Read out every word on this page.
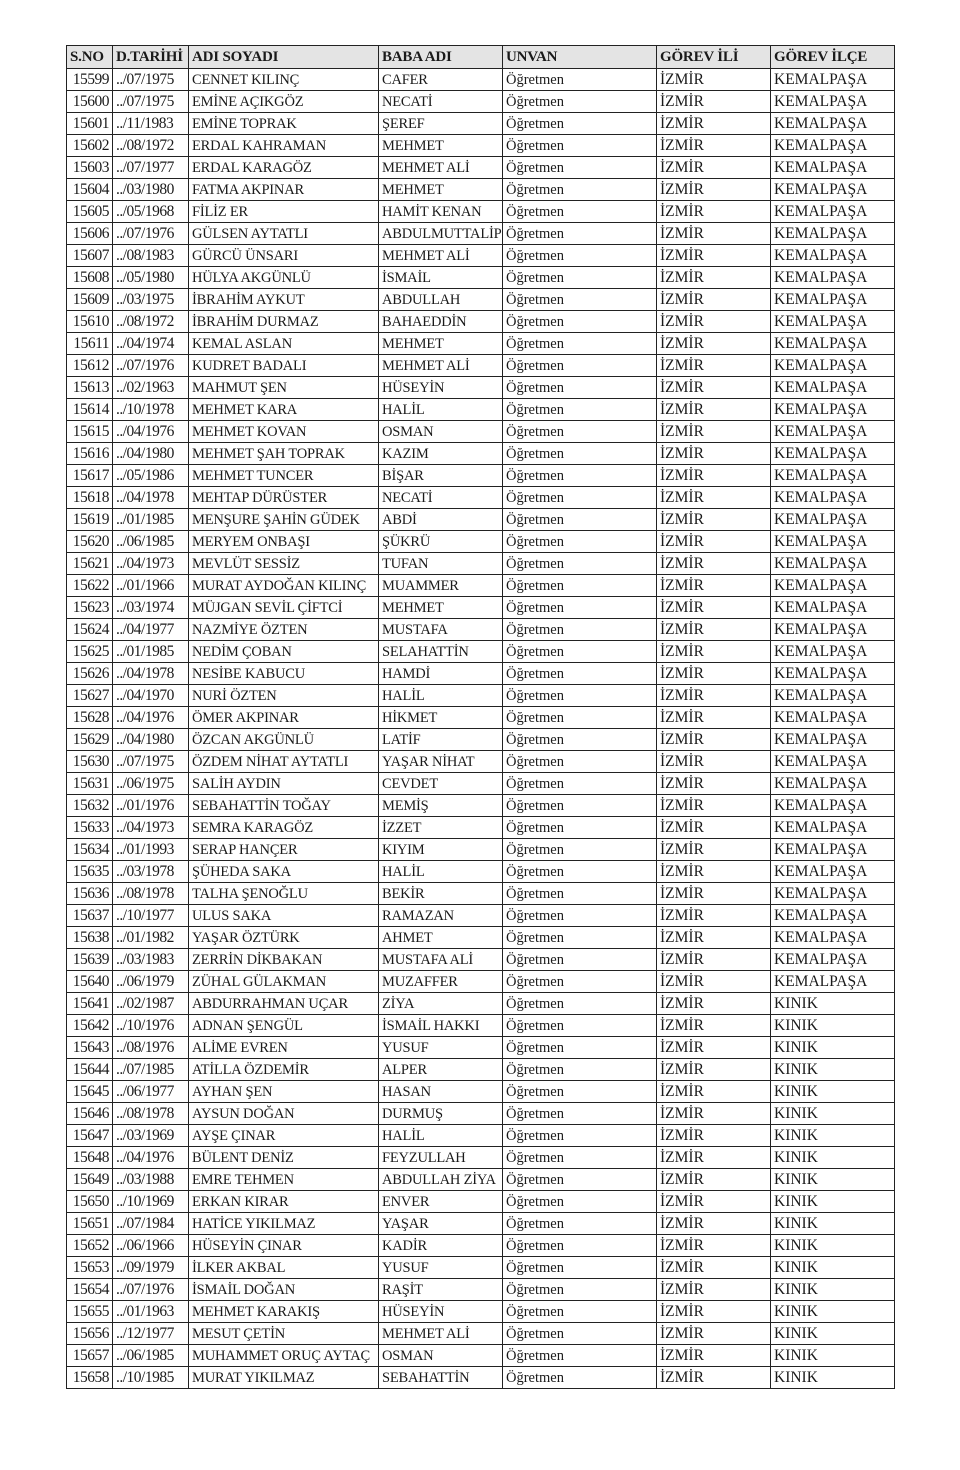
S.NO	D.TARİHİ	ADI SOYADI	BABA ADI	UNVAN	GÖREV İLİ	GÖREV İLÇE
15599	../07/1975	CENNET KILINÇ	CAFER	Öğretmen	İZMİR	KEMALPAŞA
15600	../07/1975	EMİNE AÇIKGÖZ	NECATİ	Öğretmen	İZMİR	KEMALPAŞA
15601	../11/1983	EMİNE TOPRAK	ŞEREF	Öğretmen	İZMİR	KEMALPAŞA
15602	../08/1972	ERDAL KAHRAMAN	MEHMET	Öğretmen	İZMİR	KEMALPAŞA
15603	../07/1977	ERDAL KARAGÖZ	MEHMET ALİ	Öğretmen	İZMİR	KEMALPAŞA
15604	../03/1980	FATMA AKPINAR	MEHMET	Öğretmen	İZMİR	KEMALPAŞA
15605	../05/1968	FİLİZ ER	HAMİT KENAN	Öğretmen	İZMİR	KEMALPAŞA
15606	../07/1976	GÜLSEN AYTATLI	ABDULMUTTALİP	Öğretmen	İZMİR	KEMALPAŞA
15607	../08/1983	GÜRCÜ ÜNSARI	MEHMET ALİ	Öğretmen	İZMİR	KEMALPAŞA
15608	../05/1980	HÜLYA AKGÜNLÜ	İSMAİL	Öğretmen	İZMİR	KEMALPAŞA
15609	../03/1975	İBRAHİM AYKUT	ABDULLAH	Öğretmen	İZMİR	KEMALPAŞA
15610	../08/1972	İBRAHİM DURMAZ	BAHAEDDİN	Öğretmen	İZMİR	KEMALPAŞA
15611	../04/1974	KEMAL ASLAN	MEHMET	Öğretmen	İZMİR	KEMALPAŞA
15612	../07/1976	KUDRET BADALI	MEHMET ALİ	Öğretmen	İZMİR	KEMALPAŞA
15613	../02/1963	MAHMUT ŞEN	HÜSEYİN	Öğretmen	İZMİR	KEMALPAŞA
15614	../10/1978	MEHMET KARA	HALİL	Öğretmen	İZMİR	KEMALPAŞA
15615	../04/1976	MEHMET KOVAN	OSMAN	Öğretmen	İZMİR	KEMALPAŞA
15616	../04/1980	MEHMET ŞAH TOPRAK	KAZIM	Öğretmen	İZMİR	KEMALPAŞA
15617	../05/1986	MEHMET TUNCER	BİŞAR	Öğretmen	İZMİR	KEMALPAŞA
15618	../04/1978	MEHTAP DÜRÜSTER	NECATİ	Öğretmen	İZMİR	KEMALPAŞA
15619	../01/1985	MENŞURE ŞAHİN GÜDEK	ABDİ	Öğretmen	İZMİR	KEMALPAŞA
15620	../06/1985	MERYEM ONBAŞI	ŞÜKRÜ	Öğretmen	İZMİR	KEMALPAŞA
15621	../04/1973	MEVLÜT SESSİZ	TUFAN	Öğretmen	İZMİR	KEMALPAŞA
15622	../01/1966	MURAT AYDOĞAN KILINÇ	MUAMMER	Öğretmen	İZMİR	KEMALPAŞA
15623	../03/1974	MÜJGAN SEVİL ÇİFTCİ	MEHMET	Öğretmen	İZMİR	KEMALPAŞA
15624	../04/1977	NAZMİYE ÖZTEN	MUSTAFA	Öğretmen	İZMİR	KEMALPAŞA
15625	../01/1985	NEDİM ÇOBAN	SELAHATTİN	Öğretmen	İZMİR	KEMALPAŞA
15626	../04/1978	NESİBE KABUCU	HAMDİ	Öğretmen	İZMİR	KEMALPAŞA
15627	../04/1970	NURİ ÖZTEN	HALİL	Öğretmen	İZMİR	KEMALPAŞA
15628	../04/1976	ÖMER AKPINAR	HİKMET	Öğretmen	İZMİR	KEMALPAŞA
15629	../04/1980	ÖZCAN AKGÜNLÜ	LATİF	Öğretmen	İZMİR	KEMALPAŞA
15630	../07/1975	ÖZDEM NİHAT AYTATLI	YAŞAR NİHAT	Öğretmen	İZMİR	KEMALPAŞA
15631	../06/1975	SALİH AYDIN	CEVDET	Öğretmen	İZMİR	KEMALPAŞA
15632	../01/1976	SEBAHATTİN TOĞAY	MEMİŞ	Öğretmen	İZMİR	KEMALPAŞA
15633	../04/1973	SEMRA KARAGÖZ	İZZET	Öğretmen	İZMİR	KEMALPAŞA
15634	../01/1993	SERAP HANÇER	KIYIM	Öğretmen	İZMİR	KEMALPAŞA
15635	../03/1978	ŞÜHEDA SAKA	HALİL	Öğretmen	İZMİR	KEMALPAŞA
15636	../08/1978	TALHA ŞENOĞLU	BEKİR	Öğretmen	İZMİR	KEMALPAŞA
15637	../10/1977	ULUS SAKA	RAMAZAN	Öğretmen	İZMİR	KEMALPAŞA
15638	../01/1982	YAŞAR ÖZTÜRK	AHMET	Öğretmen	İZMİR	KEMALPAŞA
15639	../03/1983	ZERRİN DİKBAKAN	MUSTAFA ALİ	Öğretmen	İZMİR	KEMALPAŞA
15640	../06/1979	ZÜHAL GÜLAKMAN	MUZAFFER	Öğretmen	İZMİR	KEMALPAŞA
15641	../02/1987	ABDURRAHMAN UÇAR	ZİYA	Öğretmen	İZMİR	KINIK
15642	../10/1976	ADNAN ŞENGÜL	İSMAİL HAKKI	Öğretmen	İZMİR	KINIK
15643	../08/1976	ALİME EVREN	YUSUF	Öğretmen	İZMİR	KINIK
15644	../07/1985	ATİLLA ÖZDEMİR	ALPER	Öğretmen	İZMİR	KINIK
15645	../06/1977	AYHAN ŞEN	HASAN	Öğretmen	İZMİR	KINIK
15646	../08/1978	AYSUN DOĞAN	DURMUŞ	Öğretmen	İZMİR	KINIK
15647	../03/1969	AYŞE ÇINAR	HALİL	Öğretmen	İZMİR	KINIK
15648	../04/1976	BÜLENT DENİZ	FEYZULLAH	Öğretmen	İZMİR	KINIK
15649	../03/1988	EMRE TEHMEN	ABDULLAH ZİYA	Öğretmen	İZMİR	KINIK
15650	../10/1969	ERKAN KIRAR	ENVER	Öğretmen	İZMİR	KINIK
15651	../07/1984	HATİCE YIKILMAZ	YAŞAR	Öğretmen	İZMİR	KINIK
15652	../06/1966	HÜSEYİN ÇINAR	KADİR	Öğretmen	İZMİR	KINIK
15653	../09/1979	İLKER AKBAL	YUSUF	Öğretmen	İZMİR	KINIK
15654	../07/1976	İSMAİL DOĞAN	RAŞİT	Öğretmen	İZMİR	KINIK
15655	../01/1963	MEHMET KARAKIŞ	HÜSEYİN	Öğretmen	İZMİR	KINIK
15656	../12/1977	MESUT ÇETİN	MEHMET ALİ	Öğretmen	İZMİR	KINIK
15657	../06/1985	MUHAMMET ORUÇ AYTAÇ	OSMAN	Öğretmen	İZMİR	KINIK
15658	../10/1985	MURAT YIKILMAZ	SEBAHATTİN	Öğretmen	İZMİR	KINIK
